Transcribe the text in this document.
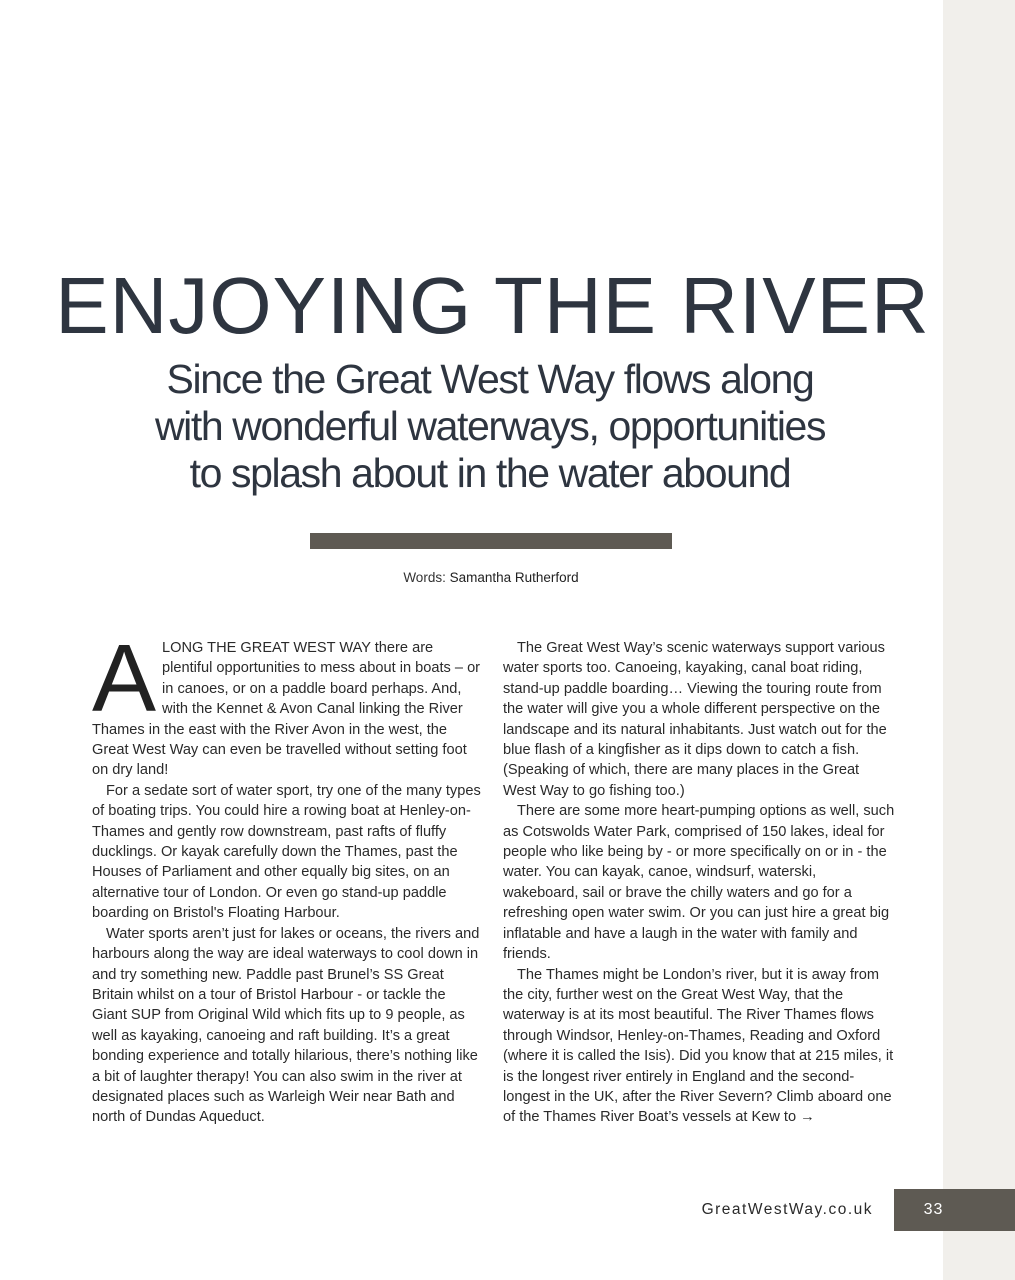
ENJOYING THE RIVER
Since the Great West Way flows along
with wonderful waterways, opportunities
to splash about in the water abound
Words: Samantha Rutherford

ALONG THE GREAT WEST WAY there are plentiful opportunities to mess about in boats – or in canoes, or on a paddle board perhaps. And, with the Kennet & Avon Canal linking the River Thames in the east with the River Avon in the west, the Great West Way can even be travelled without setting foot on dry land!

For a sedate sort of water sport, try one of the many types of boating trips. You could hire a rowing boat at Henley-on-Thames and gently row downstream, past rafts of fluffy ducklings. Or kayak carefully down the Thames, past the Houses of Parliament and other equally big sites, on an alternative tour of London. Or even go stand-up paddle boarding on Bristol's Floating Harbour.

Water sports aren’t just for lakes or oceans, the rivers and harbours along the way are ideal waterways to cool down in and try something new. Paddle past Brunel’s SS Great Britain whilst on a tour of Bristol Harbour - or tackle the Giant SUP from Original Wild which fits up to 9 people, as well as kayaking, canoeing and raft building. It’s a great bonding experience and totally hilarious, there’s nothing like a bit of laughter therapy! You can also swim in the river at designated places such as Warleigh Weir near Bath and north of Dundas Aqueduct.

The Great West Way’s scenic waterways support various water sports too. Canoeing, kayaking, canal boat riding, stand-up paddle boarding… Viewing the touring route from the water will give you a whole different perspective on the landscape and its natural inhabitants. Just watch out for the blue flash of a kingfisher as it dips down to catch a fish. (Speaking of which, there are many places in the Great West Way to go fishing too.)

There are some more heart-pumping options as well, such as Cotswolds Water Park, comprised of 150 lakes, ideal for people who like being by - or more specifically on or in - the water. You can kayak, canoe, windsurf, waterski, wakeboard, sail or brave the chilly waters and go for a refreshing open water swim. Or you can just hire a great big inflatable and have a laugh in the water with family and friends.

The Thames might be London’s river, but it is away from the city, further west on the Great West Way, that the waterway is at its most beautiful. The River Thames flows through Windsor, Henley-on-Thames, Reading and Oxford (where it is called the Isis). Did you know that at 215 miles, it is the longest river entirely in England and the second-longest in the UK, after the River Severn? Climb aboard one of the Thames River Boat’s vessels at Kew to →

GreatWestWay.co.uk	33
